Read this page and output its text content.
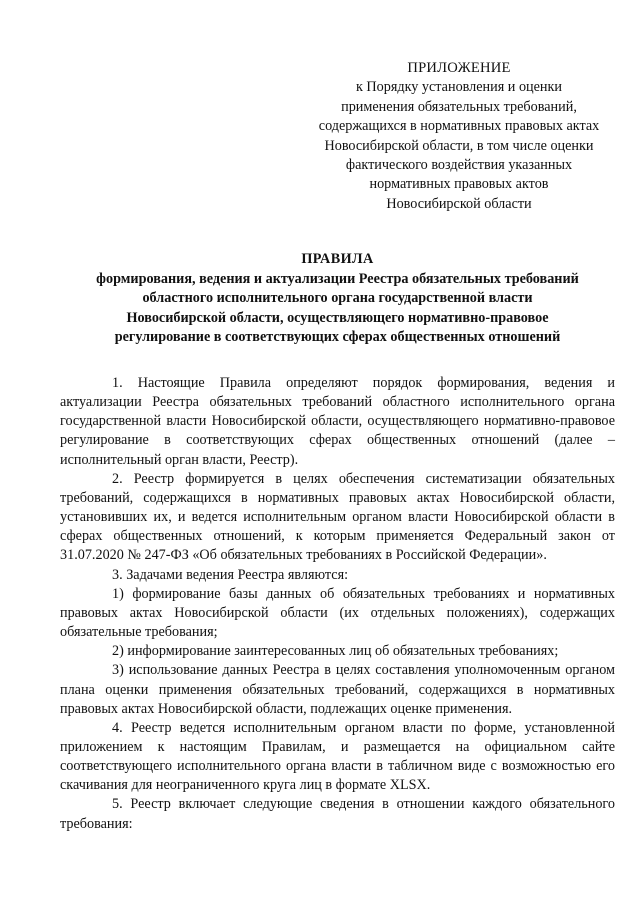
ПРИЛОЖЕНИЕ
к Порядку установления и оценки
применения обязательных требований,
содержащихся в нормативных правовых актах
Новосибирской области, в том числе оценки
фактического воздействия указанных
нормативных правовых актов
Новосибирской области
ПРАВИЛА
формирования, ведения и актуализации Реестра обязательных требований
областного исполнительного органа государственной власти
Новосибирской области, осуществляющего нормативно-правовое
регулирование в соответствующих сферах общественных отношений

1. Настоящие Правила определяют порядок формирования, ведения и актуализации Реестра обязательных требований областного исполнительного органа государственной власти Новосибирской области, осуществляющего нормативно-правовое регулирование в соответствующих сферах общественных отношений (далее – исполнительный орган власти, Реестр).

2. Реестр формируется в целях обеспечения систематизации обязательных требований, содержащихся в нормативных правовых актах Новосибирской области, установивших их, и ведется исполнительным органом власти Новосибирской области в сферах общественных отношений, к которым применяется Федеральный закон от 31.07.2020 № 247-ФЗ «Об обязательных требованиях в Российской Федерации».

3. Задачами ведения Реестра являются:

1) формирование базы данных об обязательных требованиях и нормативных правовых актах Новосибирской области (их отдельных положениях), содержащих обязательные требования;

2) информирование заинтересованных лиц об обязательных требованиях;

3) использование данных Реестра в целях составления уполномоченным органом плана оценки применения обязательных требований, содержащихся в нормативных правовых актах Новосибирской области, подлежащих оценке применения.

4. Реестр ведется исполнительным органом власти по форме, установленной приложением к настоящим Правилам, и размещается на официальном сайте соответствующего исполнительного органа власти в табличном виде с возможностью его скачивания для неограниченного круга лиц в формате XLSX.

5. Реестр включает следующие сведения в отношении каждого обязательного требования:
